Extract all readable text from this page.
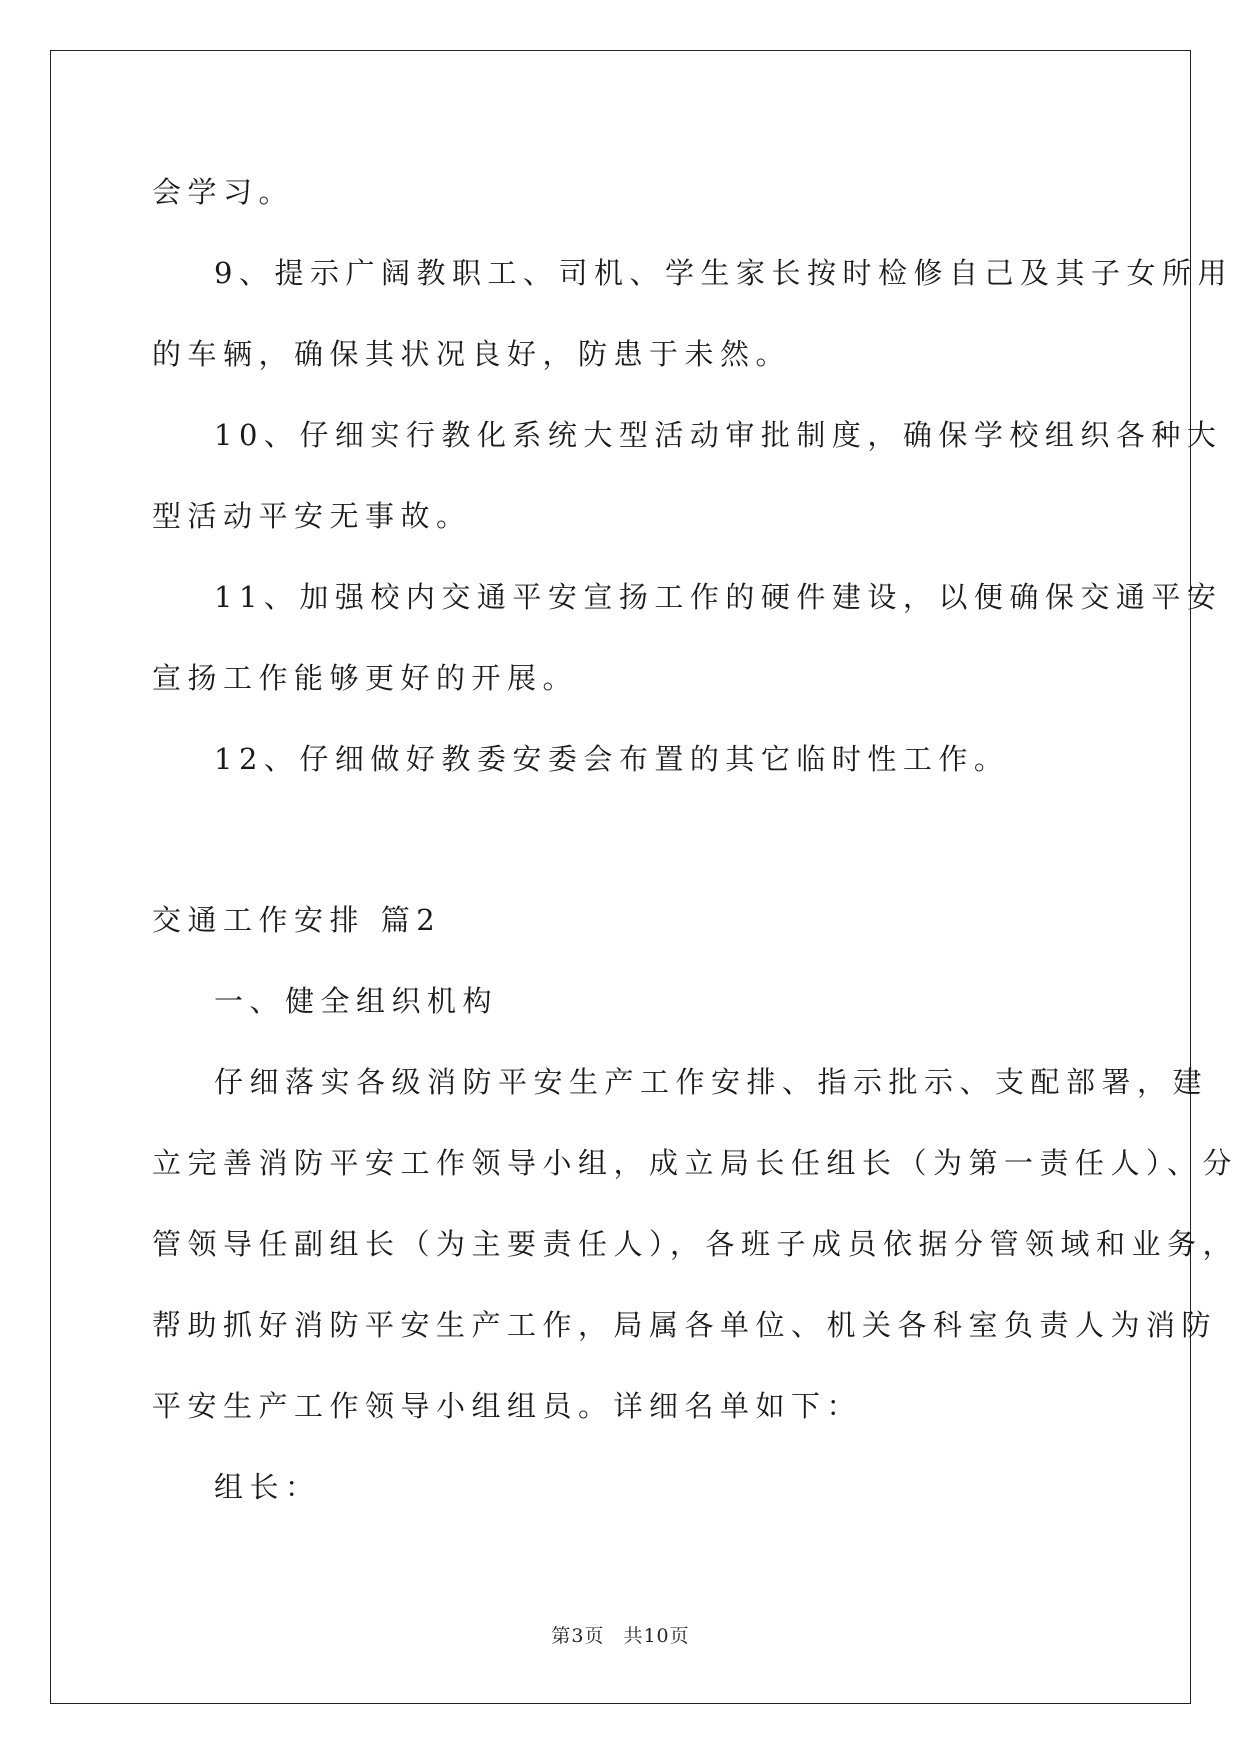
会学习。
9、提示广阔教职工、司机、学生家长按时检修自己及其子女所用
的车辆，确保其状况良好，防患于未然。
10、仔细实行教化系统大型活动审批制度，确保学校组织各种大
型活动平安无事故。
11、加强校内交通平安宣扬工作的硬件建设，以便确保交通平安
宣扬工作能够更好的开展。
12、仔细做好教委安委会布置的其它临时性工作。
交通工作安排 篇2
一、健全组织机构
仔细落实各级消防平安生产工作安排、指示批示、支配部署，建
立完善消防平安工作领导小组，成立局长任组长（为第一责任人）、分
管领导任副组长（为主要责任人），各班子成员依据分管领域和业务，
帮助抓好消防平安生产工作，局属各单位、机关各科室负责人为消防
平安生产工作领导小组组员。详细名单如下：
组长：
第3页 共10页
